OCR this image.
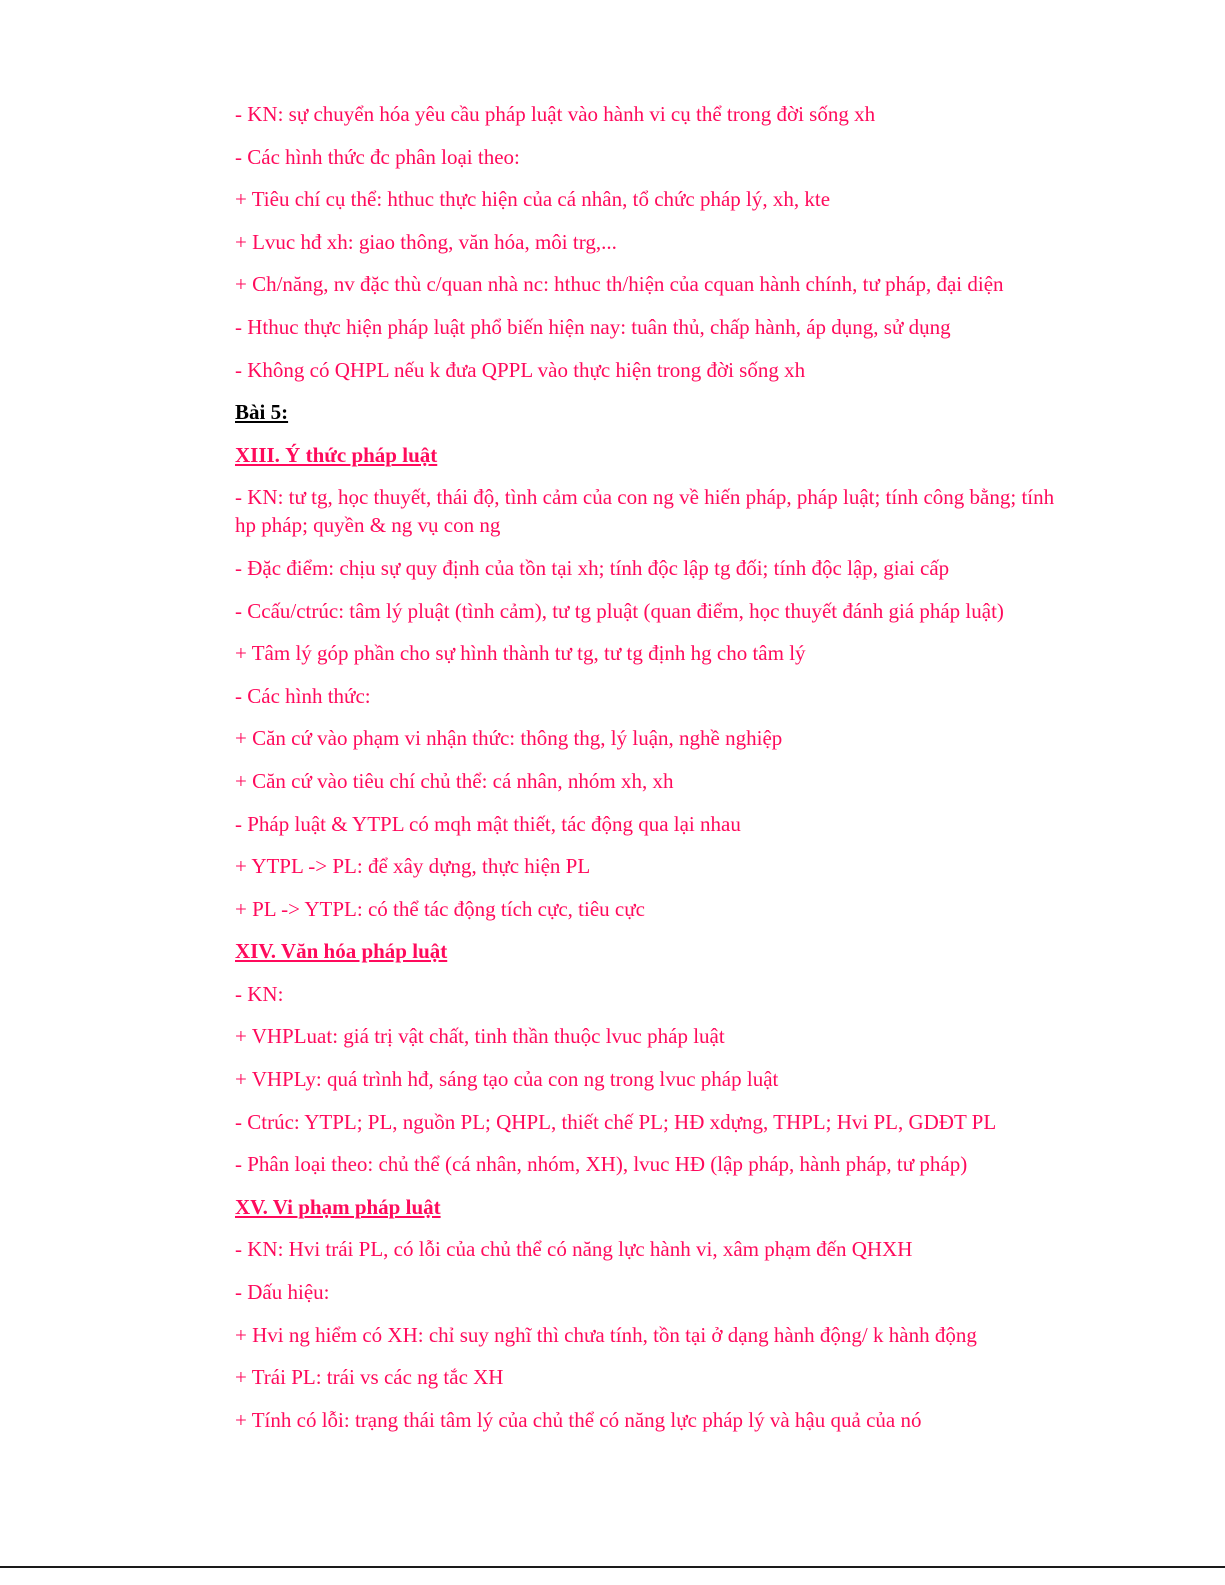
- KN: sự chuyển hóa yêu cầu pháp luật vào hành vi cụ thể trong đời sống xh
- Các hình thức đc phân loại theo:
+ Tiêu chí cụ thể: hthuc thực hiện của cá nhân, tổ chức pháp lý, xh, kte
+ Lvuc hđ xh: giao thông, văn hóa, môi trg,...
+ Ch/năng, nv đặc thù c/quan nhà nc: hthuc th/hiện của cquan hành chính, tư pháp, đại diện
- Hthuc thực hiện pháp luật phổ biến hiện nay: tuân thủ, chấp hành, áp dụng, sử dụng
- Không có QHPL nếu k đưa QPPL vào thực hiện trong đời sống xh
Bài 5:
XIII. Ý thức pháp luật
- KN: tư tg, học thuyết, thái độ, tình cảm của con ng về hiến pháp, pháp luật; tính công bằng; tính hp pháp; quyền & ng vụ con ng
- Đặc điểm: chịu sự quy định của tồn tại xh; tính độc lập tg đối; tính độc lập, giai cấp
- Ccấu/ctrúc: tâm lý pluật (tình cảm), tư tg pluật (quan điểm, học thuyết đánh giá pháp luật)
+ Tâm lý góp phần cho sự hình thành tư tg, tư tg định hg cho tâm lý
- Các hình thức:
+ Căn cứ vào phạm vi nhận thức: thông thg, lý luận, nghề nghiệp
+ Căn cứ vào tiêu chí chủ thể: cá nhân, nhóm xh, xh
- Pháp luật & YTPL có mqh mật thiết, tác động qua lại nhau
+ YTPL -> PL: để xây dựng, thực hiện PL
+ PL -> YTPL: có thể tác động tích cực, tiêu cực
XIV. Văn hóa pháp luật
- KN:
+ VHPLuat: giá trị vật chất, tinh thần thuộc lvuc pháp luật
+ VHPLy: quá trình hđ, sáng tạo của con ng trong lvuc pháp luật
- Ctrúc: YTPL; PL, nguồn PL; QHPL, thiết chế PL; HĐ xdựng, THPL; Hvi PL, GDĐT PL
- Phân loại theo: chủ thể (cá nhân, nhóm, XH), lvuc HĐ (lập pháp, hành pháp, tư pháp)
XV. Vi phạm pháp luật
- KN: Hvi trái PL, có lỗi của chủ thể có năng lực hành vi, xâm phạm đến QHXH
- Dấu hiệu:
+ Hvi ng hiểm có XH: chỉ suy nghĩ thì chưa tính, tồn tại ở dạng hành động/ k hành động
+ Trái PL: trái vs các ng tắc XH
+ Tính có lỗi: trạng thái tâm lý của chủ thể có năng lực pháp lý và hậu quả của nó
